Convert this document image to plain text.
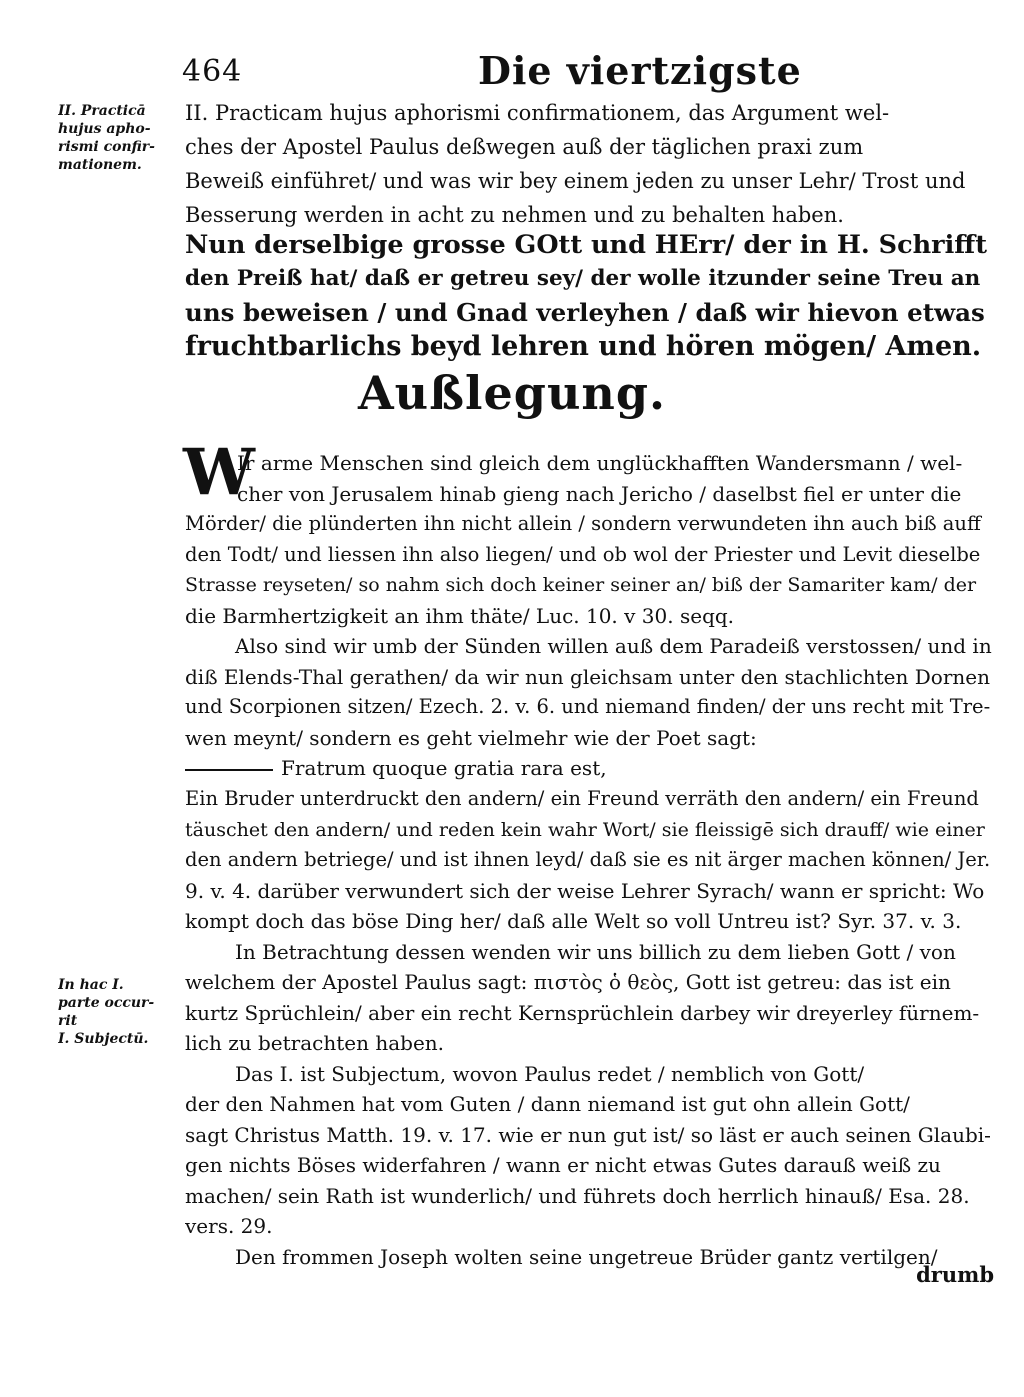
464	Die viertzigste
II. Practicā
hujus apho-
rismi confir-
mationem.
II. Practicam hujus aphorismi confirmationem, das Argument wel-
ches der Apostel Paulus deßwegen auß der täglichen praxi zum
Beweiß einführet/ und was wir bey einem jeden zu unser Lehr/ Trost und
Besserung werden in acht zu nehmen und zu behalten haben.
Nun derselbige grosse GOtt und HErr/ der in H. Schrifft
den Preiß hat/ daß er getreu sey/ der wolle itzunder seine Treu an
uns beweisen / und Gnad verleyhen / daß wir hievon etwas
fruchtbarlichs beyd lehren und hören mögen/ Amen.
Außlegung.
W
Ir arme Menschen sind gleich dem unglückhafften Wandersmann / wel-
cher von Jerusalem hinab gieng nach Jericho / daselbst fiel er unter die
Mörder/ die plünderten ihn nicht allein / sondern verwundeten ihn auch biß auff
den Todt/ und liessen ihn also liegen/ und ob wol der Priester und Levit dieselbe
Strasse reyseten/ so nahm sich doch keiner seiner an/ biß der Samariter kam/ der
die Barmhertzigkeit an ihm thäte/ Luc. 10. v 30. seqq.
Also sind wir umb der Sünden willen auß dem Paradeiß verstossen/ und in
diß Elends-Thal gerathen/ da wir nun gleichsam unter den stachlichten Dornen
und Scorpionen sitzen/ Ezech. 2. v. 6. und niemand finden/ der uns recht mit Tre-
wen meynt/ sondern es geht vielmehr wie der Poet sagt:
Fratrum quoque gratia rara est,
In hac I.
parte occur-
rit
I. Subjectū.
Ein Bruder unterdruckt den andern/ ein Freund verräth den andern/ ein Freund
täuschet den andern/ und reden kein wahr Wort/ sie fleissigē sich drauff/ wie einer
den andern betriege/ und ist ihnen leyd/ daß sie es nit ärger machen können/ Jer.
9. v. 4. darüber verwundert sich der weise Lehrer Syrach/ wann er spricht: Wo
kompt doch das böse Ding her/ daß alle Welt so voll Untreu ist? Syr. 37. v. 3.
In Betrachtung dessen wenden wir uns billich zu dem lieben Gott / von
welchem der Apostel Paulus sagt: πιστὸς ὁ θεὸς, Gott ist getreu: das ist ein
kurtz Sprüchlein/ aber ein recht Kernsprüchlein darbey wir dreyerley fürnem-
lich zu betrachten haben.
Das I. ist Subjectum, wovon Paulus redet / nemblich von Gott/
der den Nahmen hat vom Guten / dann niemand ist gut ohn allein Gott/
sagt Christus Matth. 19. v. 17. wie er nun gut ist/ so läst er auch seinen Glaubi-
gen nichts Böses widerfahren / wann er nicht etwas Gutes darauß weiß zu
machen/ sein Rath ist wunderlich/ und führets doch herrlich hinauß/ Esa. 28.
vers. 29.
Den frommen Joseph wolten seine ungetreue Brüder gantz vertilgen/
drumb
